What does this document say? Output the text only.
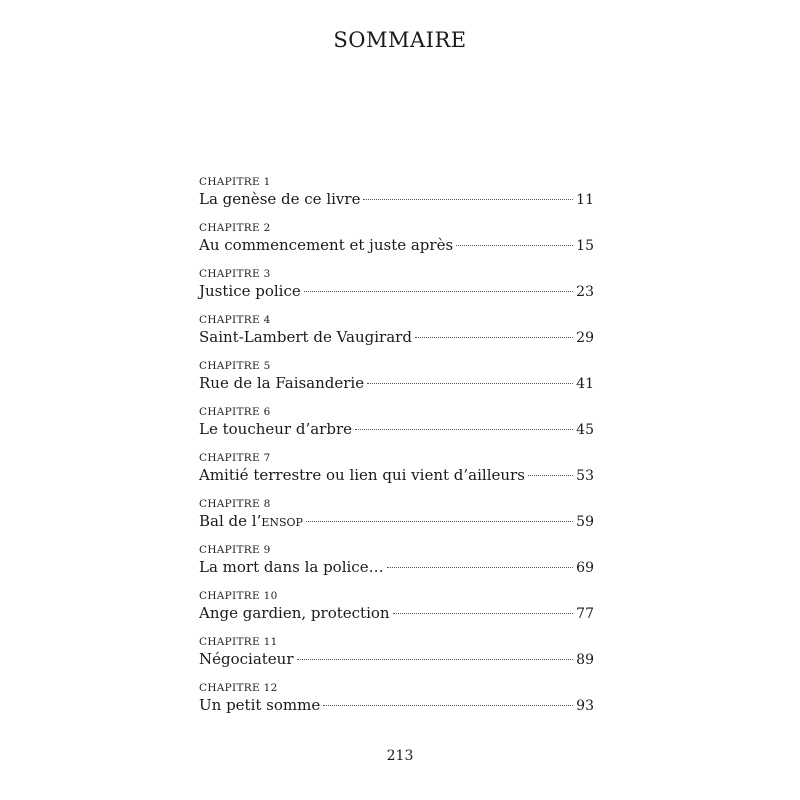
SOMMAIRE
CHAPITRE 1
La genèse de ce livre	11
CHAPITRE 2
Au commencement et juste après	15
CHAPITRE 3
Justice police	23
CHAPITRE 4
Saint-Lambert de Vaugirard	29
CHAPITRE 5
Rue de la Faisanderie	41
CHAPITRE 6
Le toucheur d’arbre	45
CHAPITRE 7
Amitié terrestre ou lien qui vient d’ailleurs	53
CHAPITRE 8
Bal de l’ensop	59
CHAPITRE 9
La mort dans la police…	69
CHAPITRE 10
Ange gardien, protection	77
CHAPITRE 11
Négociateur	89
CHAPITRE 12
Un petit somme	93
213
